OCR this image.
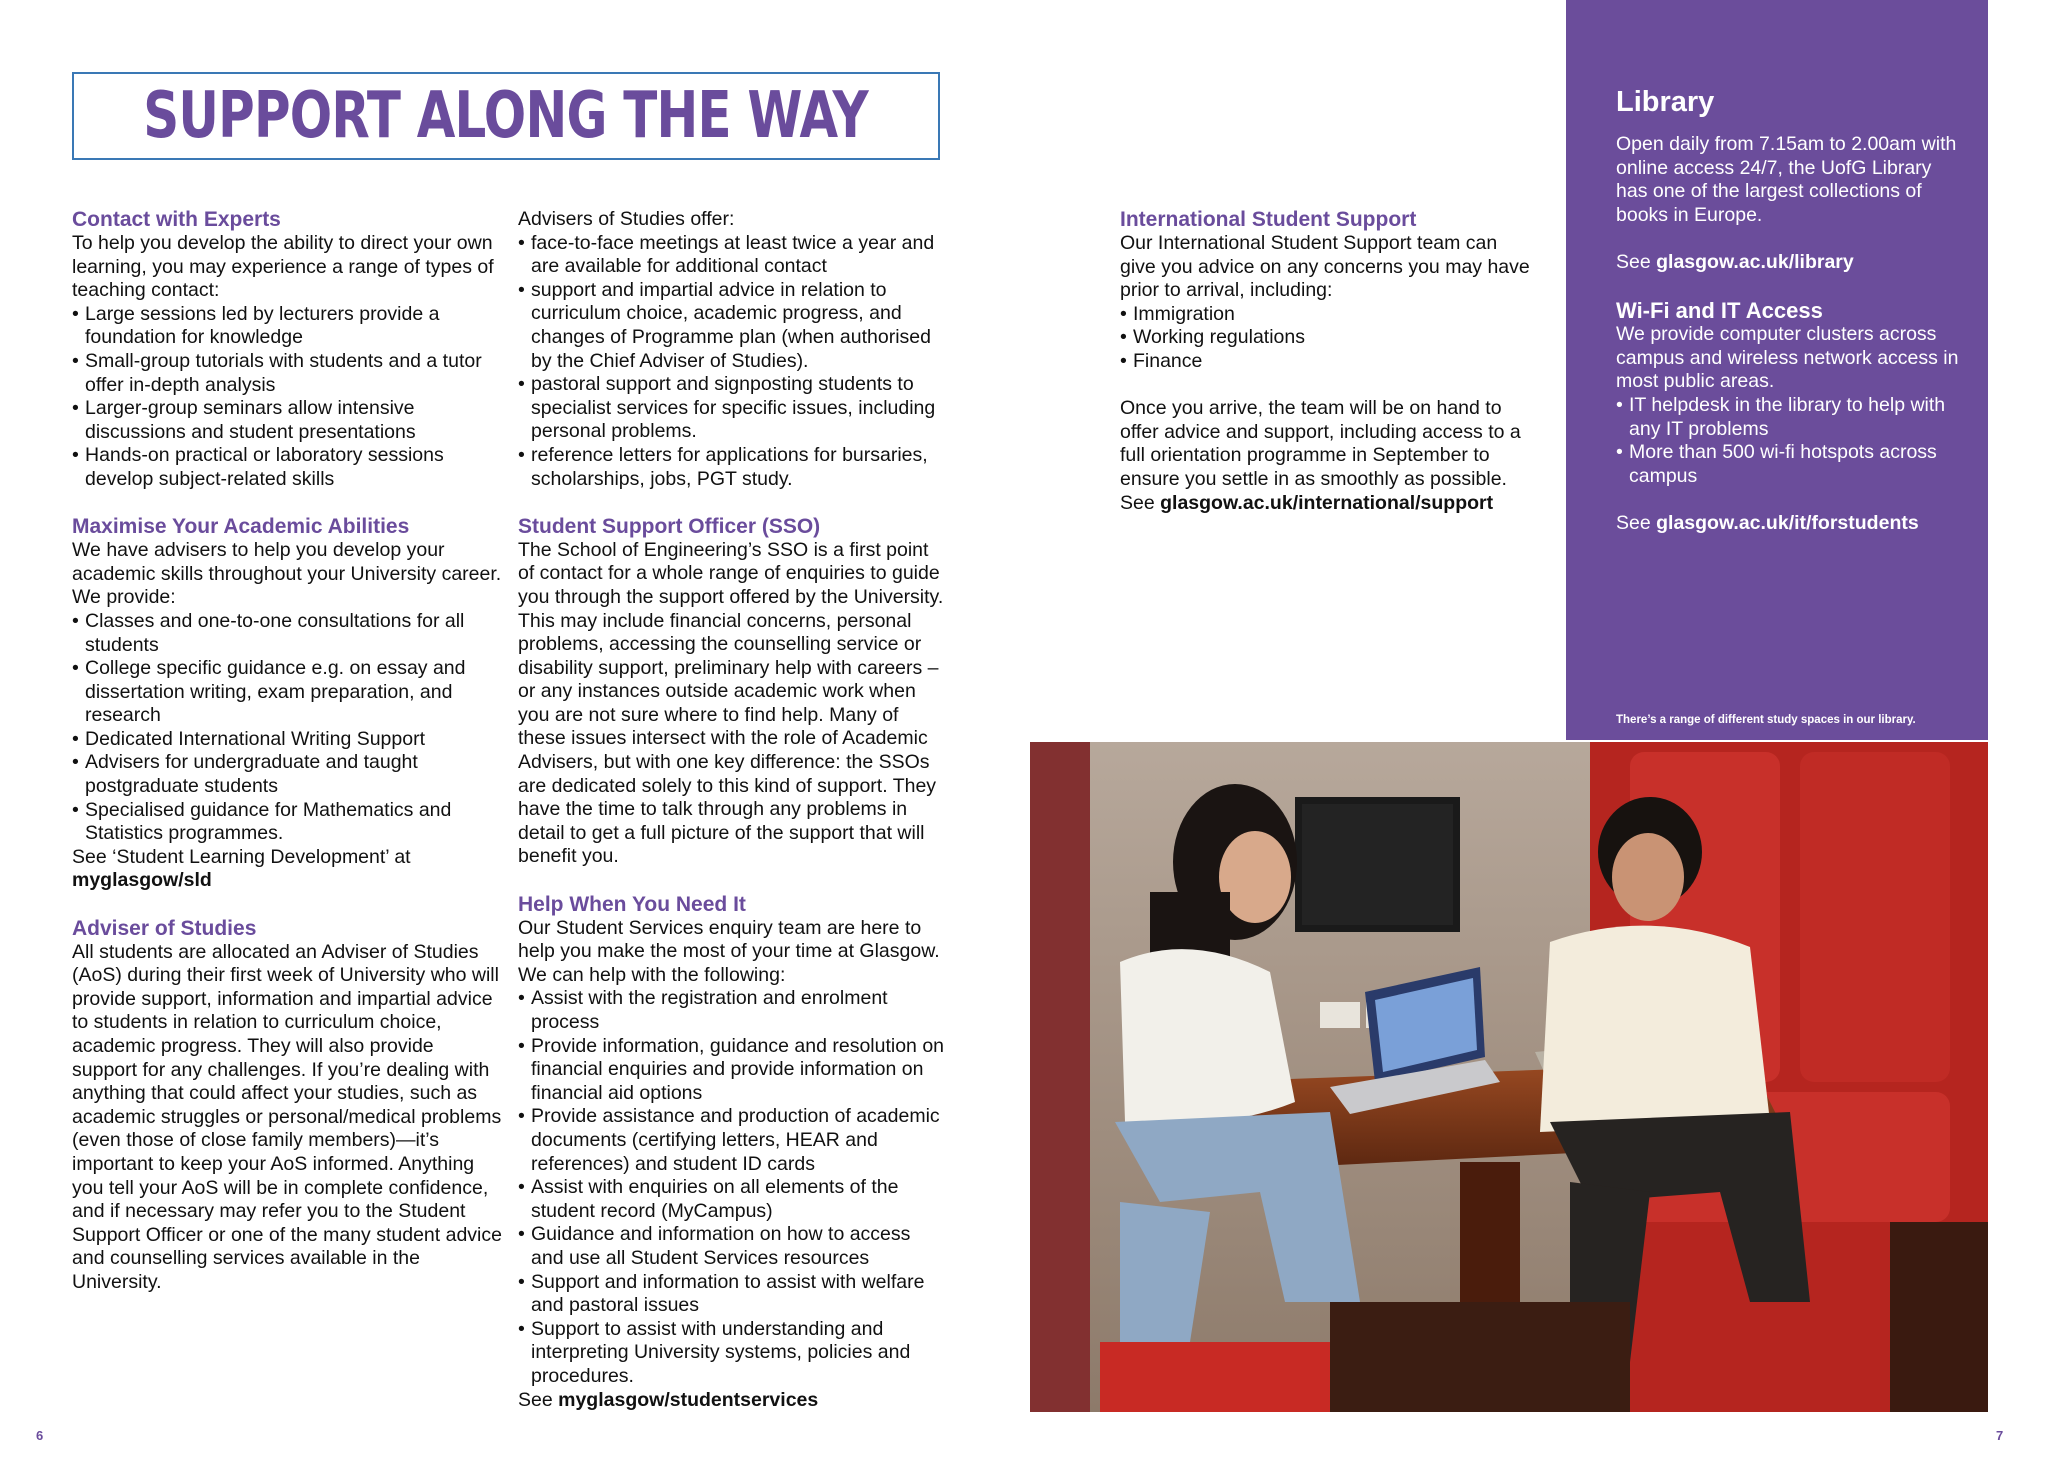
SUPPORT ALONG THE WAY
Contact with Experts

To help you develop the ability to direct your own learning, you may experience a range of types of teaching contact:

• Large sessions led by lecturers provide a foundation for knowledge
• Small-group tutorials with students and a tutor offer in-depth analysis
• Larger-group seminars allow intensive discussions and student presentations
• Hands-on practical or laboratory sessions develop subject-related skills
Maximise Your Academic Abilities

We have advisers to help you develop your academic skills throughout your University career. We provide:

• Classes and one-to-one consultations for all students
• College specific guidance e.g. on essay and dissertation writing, exam preparation, and research
• Dedicated International Writing Support
• Advisers for undergraduate and taught postgraduate students
• Specialised guidance for Mathematics and Statistics programmes.

See ‘Student Learning Development’ at

myglasgow/sld

Adviser of Studies

All students are allocated an Adviser of Studies (AoS) during their first week of University who will provide support, information and impartial advice to students in relation to curriculum choice, academic progress. They will also provide support for any challenges. If you’re dealing with anything that could affect your studies, such as academic struggles or personal/medical problems (even those of close family members)—it’s important to keep your AoS informed. Anything you tell your AoS will be in complete confidence, and if necessary may refer you to the Student Support Officer or one of the many student advice and counselling services available in the University.

Advisers of Studies offer:

• face-to-face meetings at least twice a year and are available for additional contact
• support and impartial advice in relation to curriculum choice, academic progress, and changes of Programme plan (when authorised by the Chief Adviser of Studies).
• pastoral support and signposting students to specialist services for specific issues, including personal problems.
• reference letters for applications for bursaries, scholarships, jobs, PGT study.
Student Support Officer (SSO)

The School of Engineering’s SSO is a first point of contact for a whole range of enquiries to guide you through the support offered by the University. This may include financial concerns, personal problems, accessing the counselling service or disability support, preliminary help with careers – or any instances outside academic work when you are not sure where to find help. Many of these issues intersect with the role of Academic Advisers, but with one key difference: the SSOs are dedicated solely to this kind of support. They have the time to talk through any problems in detail to get a full picture of the support that will benefit you.

Help When You Need It

Our Student Services enquiry team are here to help you make the most of your time at Glasgow. We can help with the following:

• Assist with the registration and enrolment process
• Provide information, guidance and resolution on financial enquiries and provide information on financial aid options
• Provide assistance and production of academic documents (certifying letters, HEAR and references) and student ID cards
• Assist with enquiries on all elements of the student record (MyCampus)
• Guidance and information on how to access and use all Student Services resources
• Support and information to assist with welfare and pastoral issues
• Support to assist with understanding and interpreting University systems, policies and procedures.

See myglasgow/studentservices

International Student Support

Our International Student Support team can give you advice on any concerns you may have prior to arrival, including:

• Immigration
• Working regulations
• Finance

Once you arrive, the team will be on hand to offer advice and support, including access to a full orientation programme in September to ensure you settle in as smoothly as possible.

See glasgow.ac.uk/international/support

Library

Open daily from 7.15am to 2.00am with online access 24/7, the UofG Library has one of the largest collections of books in Europe.

See glasgow.ac.uk/library

Wi-Fi and IT Access

We provide computer clusters across campus and wireless network access in most public areas.

• IT helpdesk in the library to help with any IT problems
• More than 500 wi-fi hotspots across campus

See glasgow.ac.uk/it/forstudents

There’s a range of different study spaces in our library.
6	7
